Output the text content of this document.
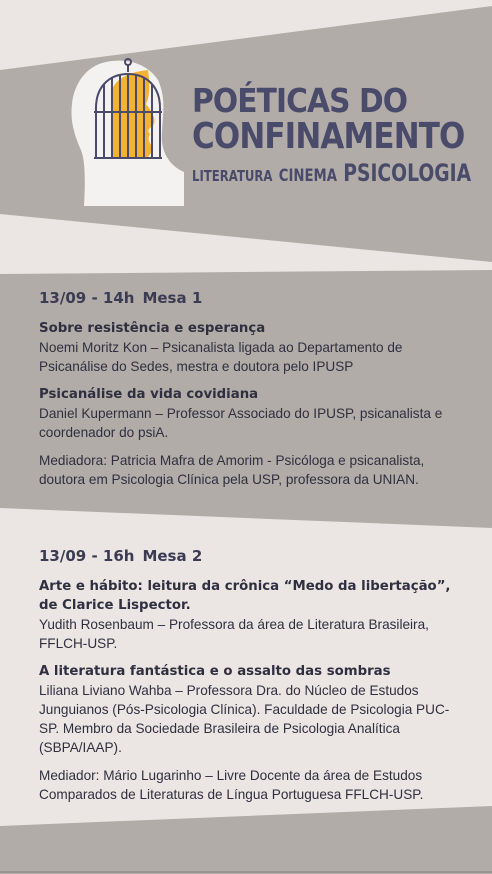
POÉTICAS DO
CONFINAMENTO
LITERATURA CINEMA PSICOLOGIA
13/09 - 14h Mesa 1
Sobre resistência e esperança
Noemi Moritz Kon – Psicanalista ligada ao Departamento de Psicanálise do Sedes, mestra e doutora pelo IPUSP
Psicanálise da vida covidiana
Daniel Kupermann – Professor Associado do IPUSP, psicanalista e coordenador do psiA.
Mediadora: Patricia Mafra de Amorim - Psicóloga e psicanalista, doutora em Psicologia Clínica pela USP, professora da UNIAN.
13/09 - 16h Mesa 2
Arte e hábito: leitura da crônica “Medo da libertação”, de Clarice Lispector.
Yudith Rosenbaum – Professora da área de Literatura Brasileira, FFLCH-USP.
A literatura fantástica e o assalto das sombras
Liliana Liviano Wahba – Professora Dra. do Núcleo de Estudos Junguianos (Pós-Psicologia Clínica). Faculdade de Psicologia PUC-SP. Membro da Sociedade Brasileira de Psicologia Analítica (SBPA/IAAP).
Mediador: Mário Lugarinho – Livre Docente da área de Estudos Comparados de Literaturas de Língua Portuguesa FFLCH-USP.
